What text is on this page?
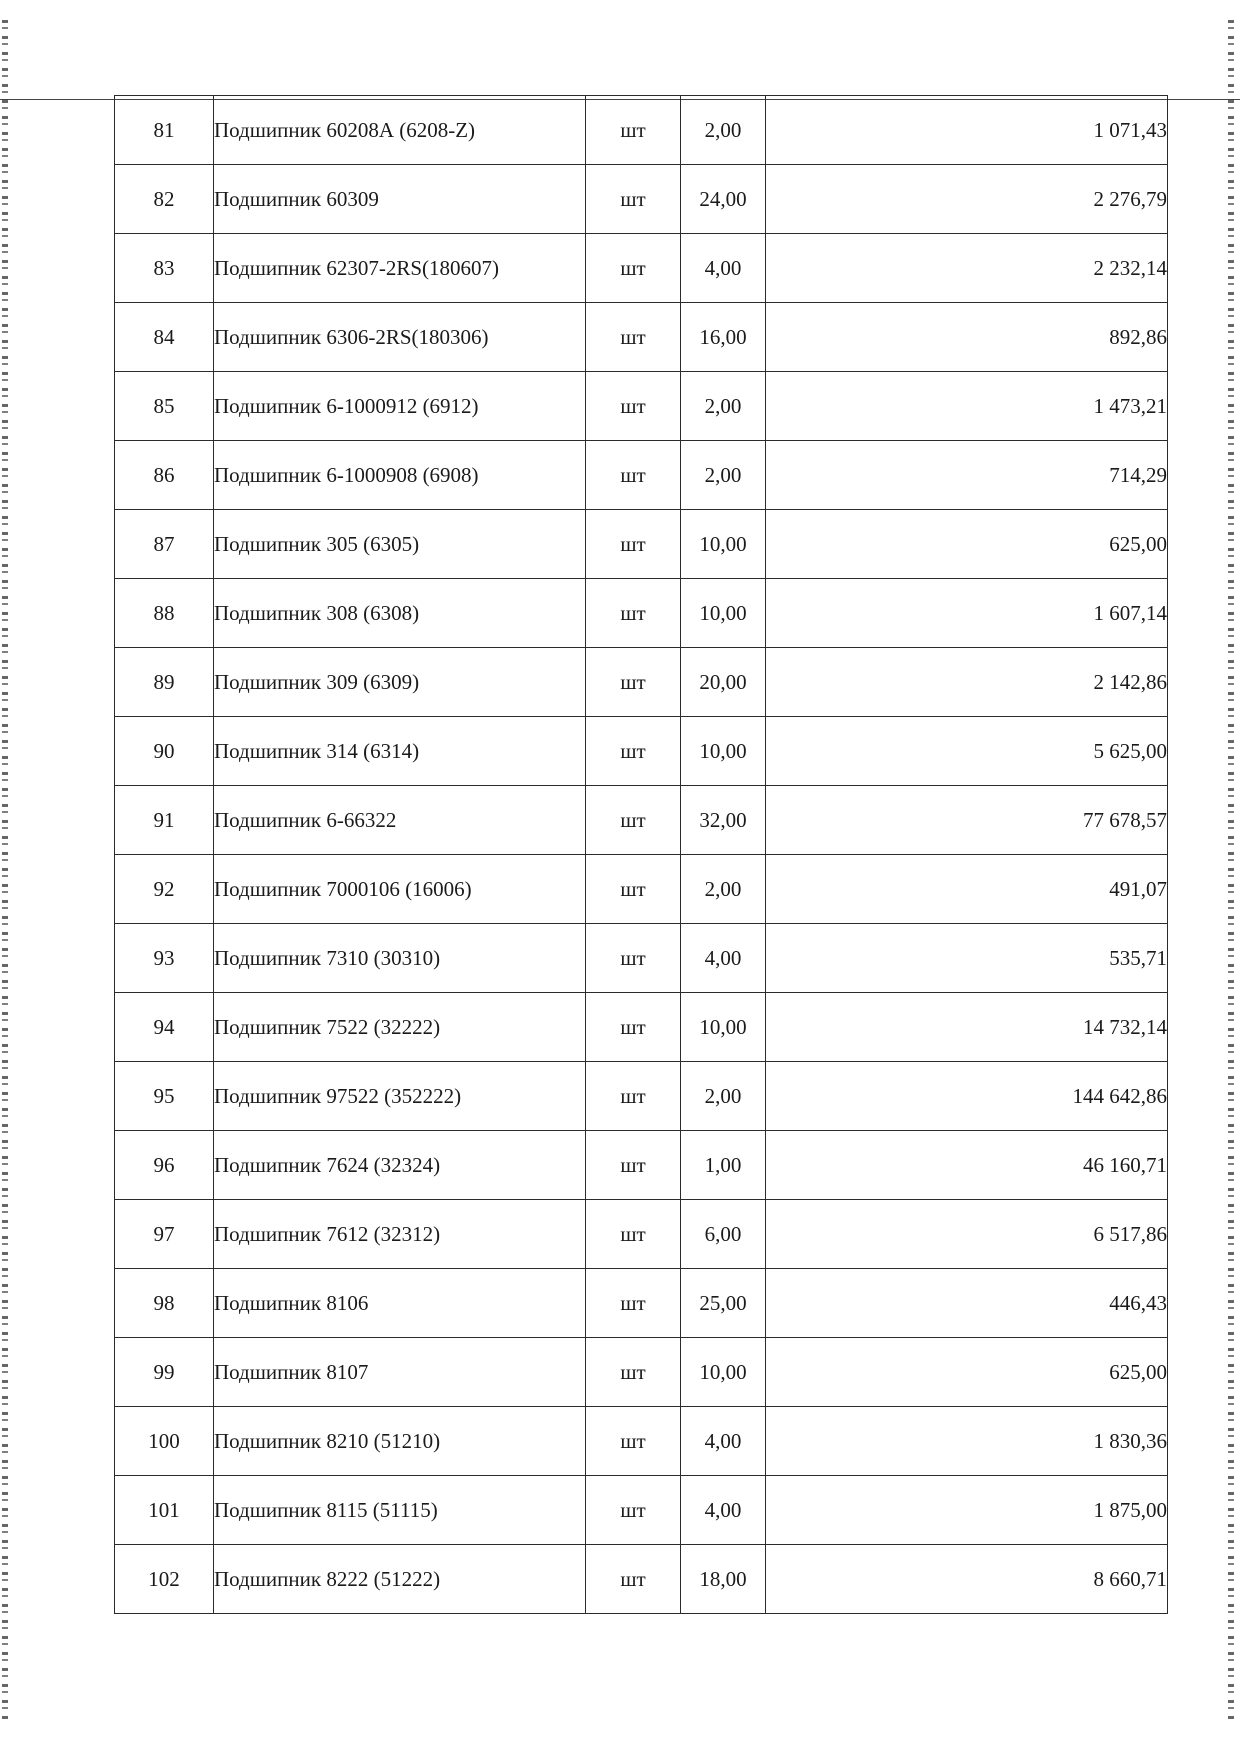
81	Подшипник 60208А (6208-Z)	шт	2,00	1 071,43
82	Подшипник 60309	шт	24,00	2 276,79
83	Подшипник 62307-2RS(180607)	шт	4,00	2 232,14
84	Подшипник 6306-2RS(180306)	шт	16,00	892,86
85	Подшипник 6-1000912 (6912)	шт	2,00	1 473,21
86	Подшипник 6-1000908 (6908)	шт	2,00	714,29
87	Подшипник 305 (6305)	шт	10,00	625,00
88	Подшипник 308 (6308)	шт	10,00	1 607,14
89	Подшипник 309 (6309)	шт	20,00	2 142,86
90	Подшипник 314 (6314)	шт	10,00	5 625,00
91	Подшипник 6-66322	шт	32,00	77 678,57
92	Подшипник 7000106 (16006)	шт	2,00	491,07
93	Подшипник 7310 (30310)	шт	4,00	535,71
94	Подшипник 7522 (32222)	шт	10,00	14 732,14
95	Подшипник 97522 (352222)	шт	2,00	144 642,86
96	Подшипник 7624 (32324)	шт	1,00	46 160,71
97	Подшипник 7612 (32312)	шт	6,00	6 517,86
98	Подшипник 8106	шт	25,00	446,43
99	Подшипник 8107	шт	10,00	625,00
100	Подшипник 8210 (51210)	шт	4,00	1 830,36
101	Подшипник 8115 (51115)	шт	4,00	1 875,00
102	Подшипник 8222 (51222)	шт	18,00	8 660,71
